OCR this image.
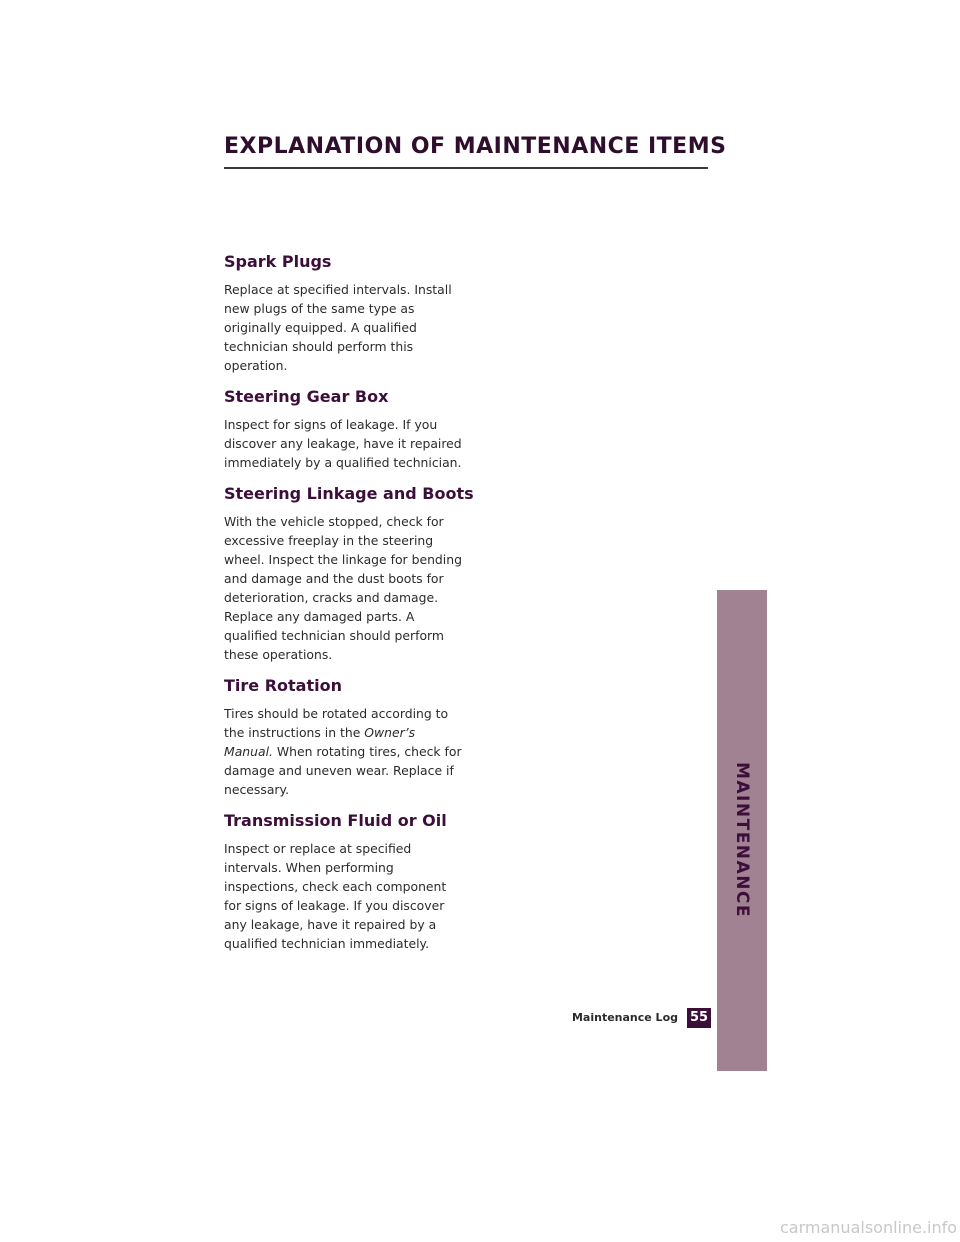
EXPLANATION OF MAINTENANCE ITEMS
Spark Plugs

Replace at specified intervals. Install new plugs of the same type as originally equipped. A qualified technician should perform this operation.

Steering Gear Box

Inspect for signs of leakage. If you discover any leakage, have it repaired immediately by a qualified technician.

Steering Linkage and Boots

With the vehicle stopped, check for excessive freeplay in the steering wheel. Inspect the linkage for bending and damage and the dust boots for deterioration, cracks and damage. Replace any damaged parts. A qualified technician should perform these operations.

Tire Rotation

Tires should be rotated according to the instructions in the Owner’s Manual. When rotating tires, check for damage and uneven wear. Replace if necessary.

Transmission Fluid or Oil

Inspect or replace at specified intervals. When performing inspections, check each component for signs of leakage. If you discover any leakage, have it repaired by a qualified technician immediately.

MAINTENANCE
Maintenance Log 55
carmanualsonline.info
